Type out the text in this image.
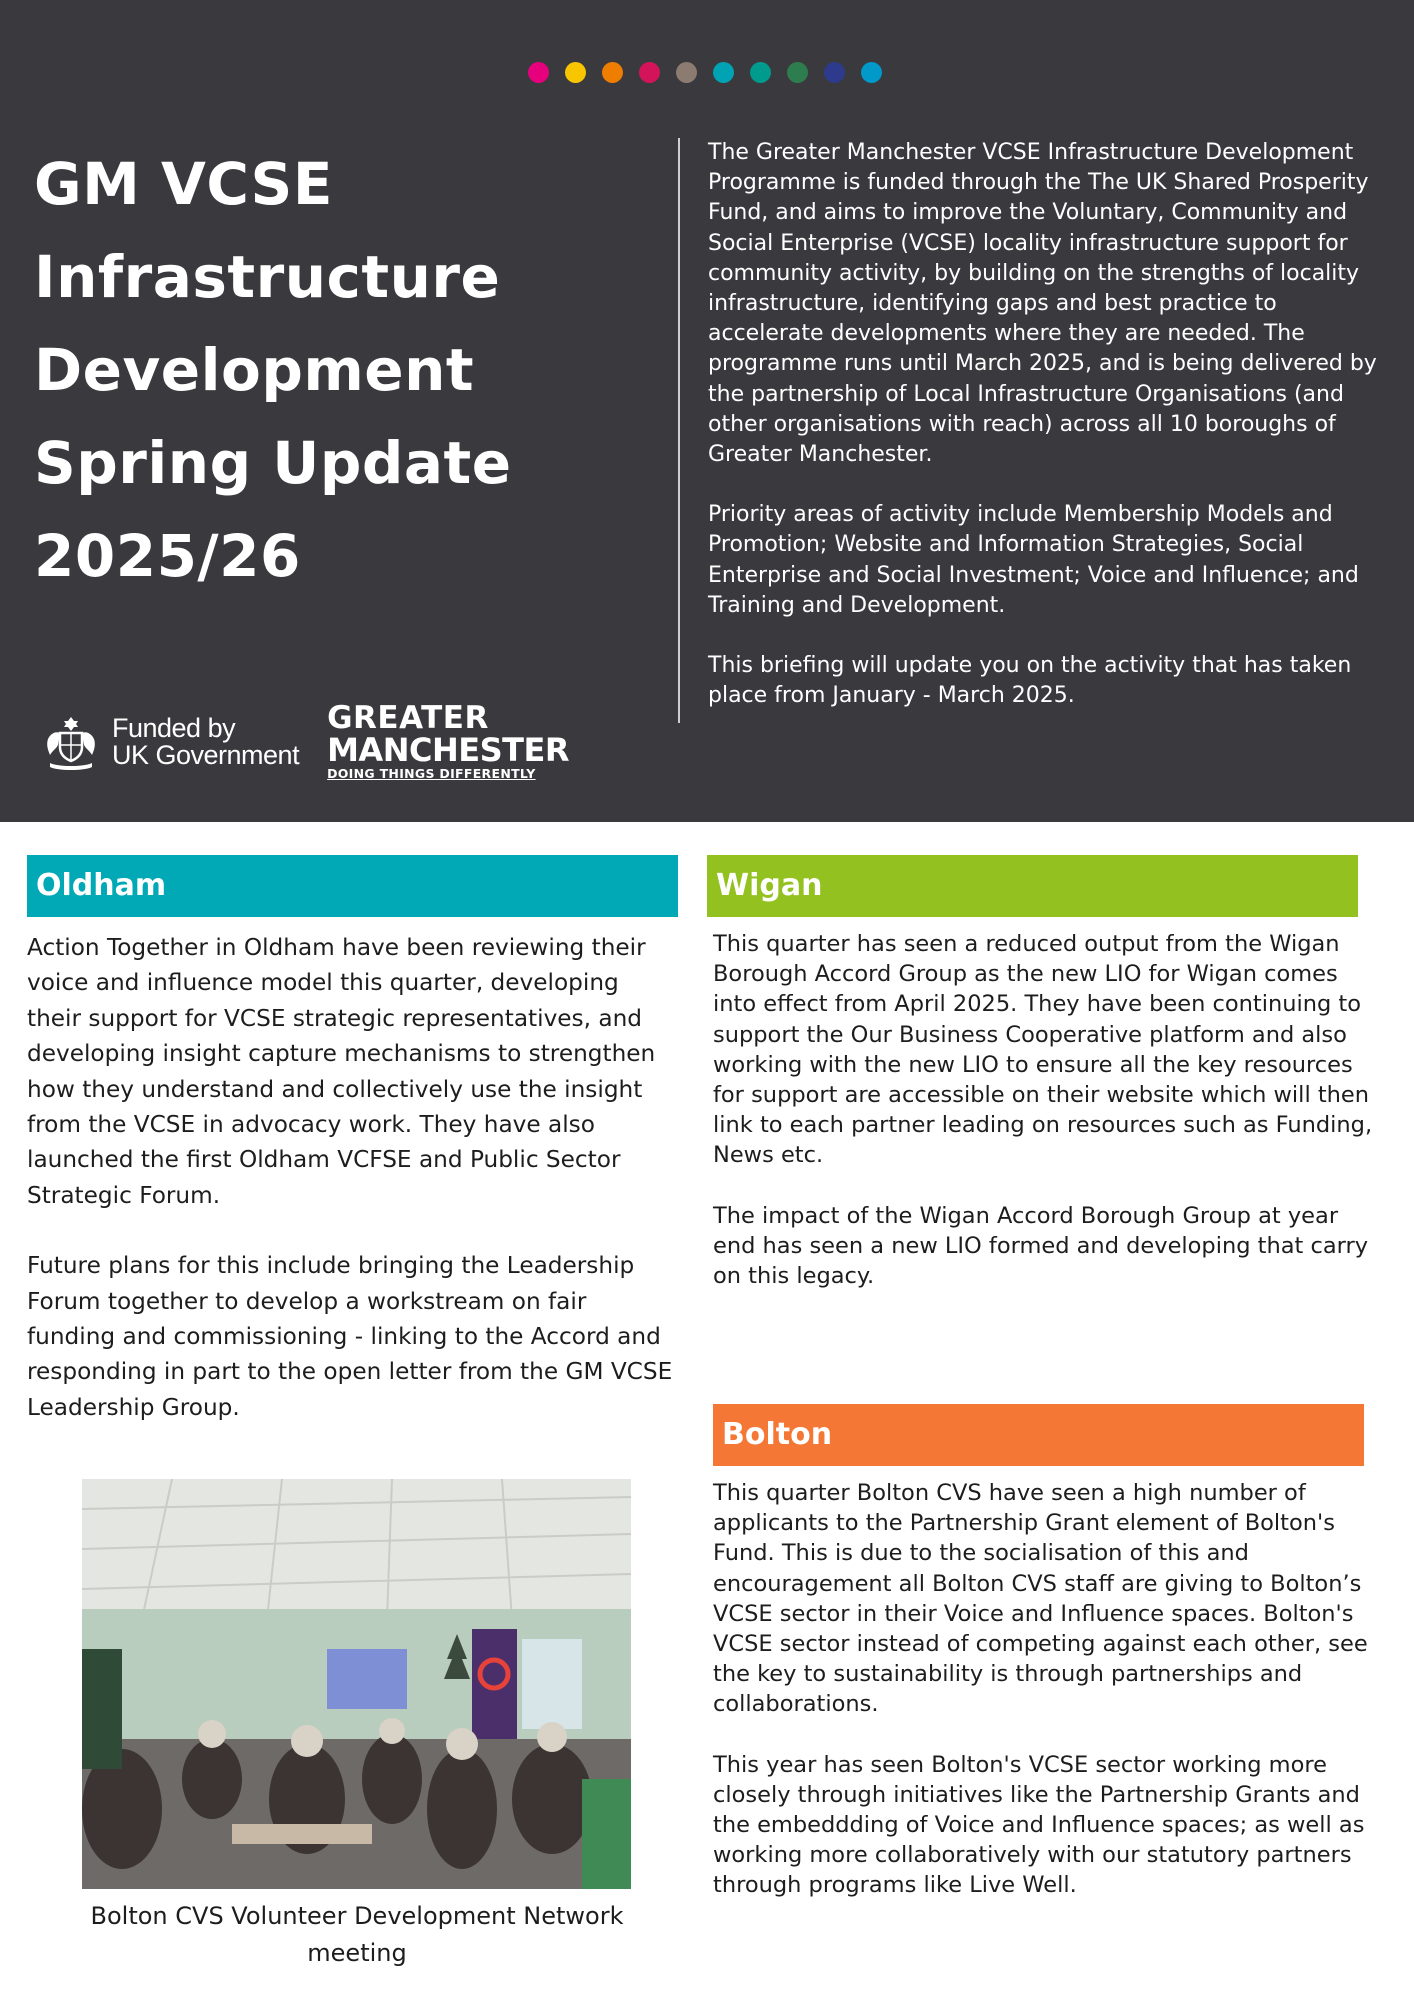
GM VCSE
Infrastructure
Development
Spring Update
2025/26

The Greater Manchester VCSE Infrastructure Development Programme is funded through the The UK Shared Prosperity Fund, and aims to improve the Voluntary, Community and Social Enterprise (VCSE) locality infrastructure support for community activity, by building on the strengths of locality infrastructure, identifying gaps and best practice to accelerate developments where they are needed. The programme runs until March 2025, and is being delivered by the partnership of Local Infrastructure Organisations (and other organisations with reach) across all 10 boroughs of Greater Manchester.

Priority areas of activity include Membership Models and Promotion; Website and Information Strategies, Social Enterprise and Social Investment; Voice and Influence; and Training and Development.

This briefing will update you on the activity that has taken place from January - March 2025.

Funded by
UK Government
GREATER
MANCHESTER
DOING THINGS DIFFERENTLY
Oldham

Action Together in Oldham have been reviewing their voice and influence model this quarter, developing their support for VCSE strategic representatives, and developing insight capture mechanisms to strengthen how they understand and collectively use the insight from the VCSE in advocacy work. They have also launched the first Oldham VCFSE and Public Sector Strategic Forum.

Future plans for this include bringing the Leadership Forum together to develop a workstream on fair funding and commissioning - linking to the Accord and responding in part to the open letter from the GM VCSE Leadership Group.

Wigan

This quarter has seen a reduced output from the Wigan Borough Accord Group as the new LIO for Wigan comes into effect from April 2025. They have been continuing to support the Our Business Cooperative platform and also working with the new LIO to ensure all the key resources for support are accessible on their website which will then link to each partner leading on resources such as Funding, News etc.

The impact of the Wigan Accord Borough Group at year end has seen a new LIO formed and developing that carry on this legacy.

Bolton

This quarter Bolton CVS have seen a high number of applicants to the Partnership Grant element of Bolton's Fund. This is due to the socialisation of this and encouragement all Bolton CVS staff are giving to Bolton’s VCSE sector in their Voice and Influence spaces. Bolton's VCSE sector instead of competing against each other, see the key to sustainability is through partnerships and collaborations.

This year has seen Bolton's VCSE sector working more closely through initiatives like the Partnership Grants and the embeddding of Voice and Influence spaces; as well as working more collaboratively with our statutory partners through programs like Live Well.

Bolton CVS Volunteer Development Network
meeting
